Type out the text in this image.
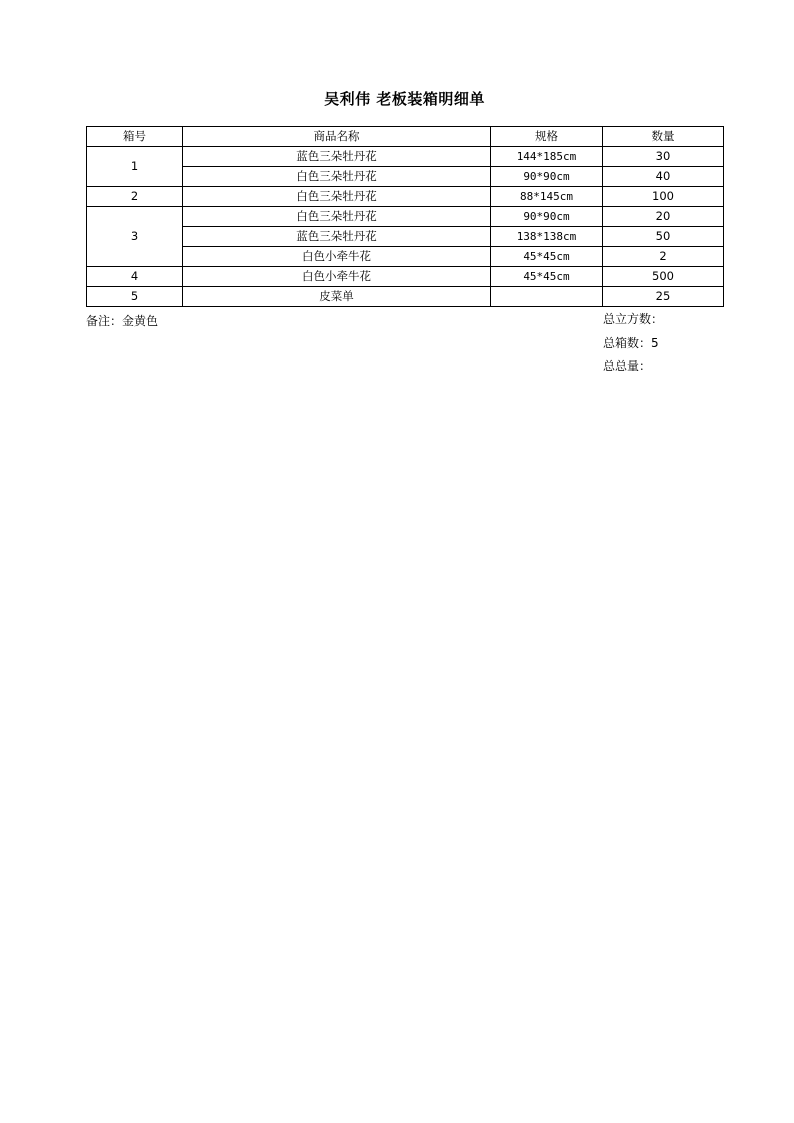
吴利伟 老板装箱明细单
箱号	商品名称	规格	数量
1	蓝色三朵牡丹花	144*185cm	30
	白色三朵牡丹花	90*90cm	40
2	白色三朵牡丹花	88*145cm	100
3	白色三朵牡丹花	90*90cm	20
	蓝色三朵牡丹花	138*138cm	50
	白色小牵牛花	45*45cm	2
4	白色小牵牛花	45*45cm	500
5	皮菜单		25
备注：金黄色	总立方数：
总箱数：5
总总量：
